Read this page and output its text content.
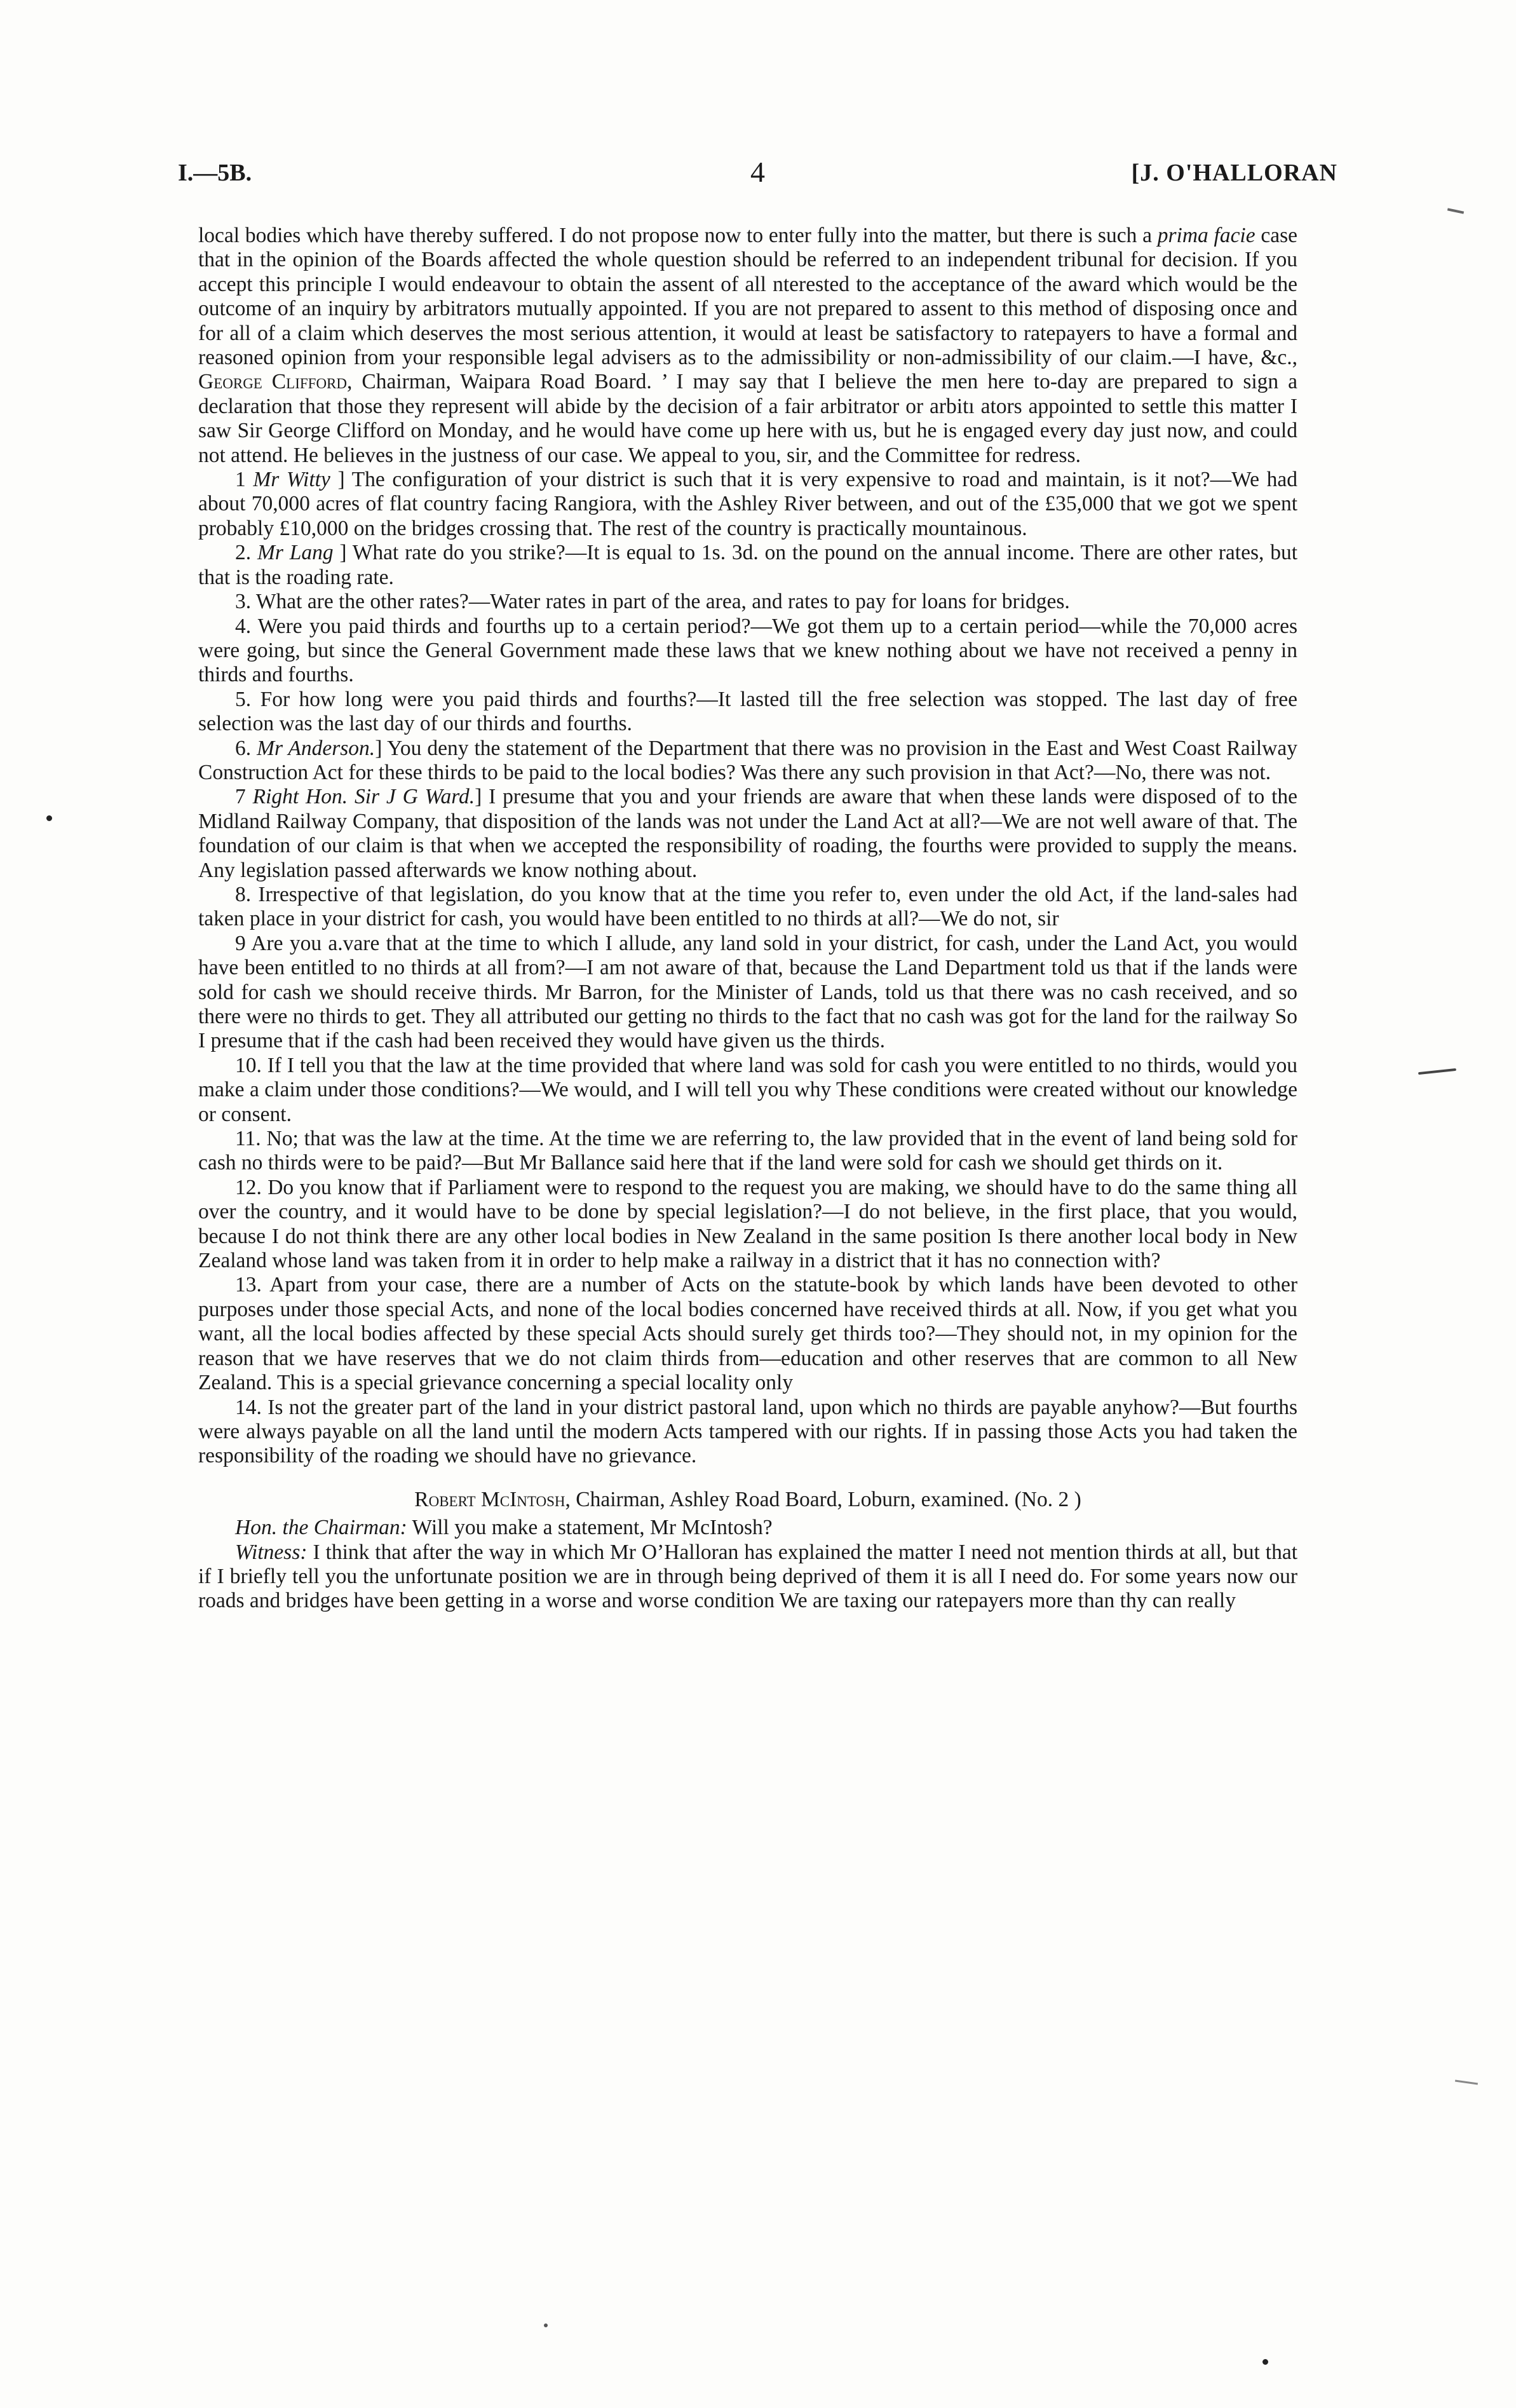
I.—5B.	4	[J. O'HALLORAN

local bodies which have thereby suffered. I do not propose now to enter fully into the matter, but there is such a prima facie case that in the opinion of the Boards affected the whole question should be referred to an independent tribunal for decision. If you accept this principle I would endeavour to obtain the assent of all nterested to the acceptance of the award which would be the outcome of an inquiry by arbitrators mutually appointed. If you are not prepared to assent to this method of disposing once and for all of a claim which deserves the most serious attention, it would at least be satisfactory to ratepayers to have a formal and reasoned opinion from your responsible legal advisers as to the admissibility or non-admissibility of our claim.—I have, &c., George Clifford, Chairman, Waipara Road Board. ’ I may say that I believe the men here to-day are prepared to sign a declaration that those they represent will abide by the decision of a fair arbitrator or arbitı ators appointed to settle this matter I saw Sir George Clifford on Monday, and he would have come up here with us, but he is engaged every day just now, and could not attend. He believes in the justness of our case. We appeal to you, sir, and the Committee for redress.

1 Mr Witty ] The configuration of your district is such that it is very expensive to road and maintain, is it not?—We had about 70,000 acres of flat country facing Rangiora, with the Ashley River between, and out of the £35,000 that we got we spent probably £10,000 on the bridges crossing that. The rest of the country is practically mountainous.

2. Mr Lang ] What rate do you strike?—It is equal to 1s. 3d. on the pound on the annual income. There are other rates, but that is the roading rate.

3. What are the other rates?—Water rates in part of the area, and rates to pay for loans for bridges.

4. Were you paid thirds and fourths up to a certain period?—We got them up to a certain period—while the 70,000 acres were going, but since the General Government made these laws that we knew nothing about we have not received a penny in thirds and fourths.

5. For how long were you paid thirds and fourths?—It lasted till the free selection was stopped. The last day of free selection was the last day of our thirds and fourths.

6. Mr Anderson.] You deny the statement of the Department that there was no provision in the East and West Coast Railway Construction Act for these thirds to be paid to the local bodies? Was there any such provision in that Act?—No, there was not.

7 Right Hon. Sir J G Ward.] I presume that you and your friends are aware that when these lands were disposed of to the Midland Railway Company, that disposition of the lands was not under the Land Act at all?—We are not well aware of that. The foundation of our claim is that when we accepted the responsibility of roading, the fourths were provided to supply the means. Any legislation passed afterwards we know nothing about.

8. Irrespective of that legislation, do you know that at the time you refer to, even under the old Act, if the land-sales had taken place in your district for cash, you would have been entitled to no thirds at all?—We do not, sir

9 Are you a.vare that at the time to which I allude, any land sold in your district, for cash, under the Land Act, you would have been entitled to no thirds at all from?—I am not aware of that, because the Land Department told us that if the lands were sold for cash we should receive thirds. Mr Barron, for the Minister of Lands, told us that there was no cash received, and so there were no thirds to get. They all attributed our getting no thirds to the fact that no cash was got for the land for the railway So I presume that if the cash had been received they would have given us the thirds.

10. If I tell you that the law at the time provided that where land was sold for cash you were entitled to no thirds, would you make a claim under those conditions?—We would, and I will tell you why These conditions were created without our knowledge or consent.

11. No; that was the law at the time. At the time we are referring to, the law provided that in the event of land being sold for cash no thirds were to be paid?—But Mr Ballance said here that if the land were sold for cash we should get thirds on it.

12. Do you know that if Parliament were to respond to the request you are making, we should have to do the same thing all over the country, and it would have to be done by special legislation?—I do not believe, in the first place, that you would, because I do not think there are any other local bodies in New Zealand in the same position Is there another local body in New Zealand whose land was taken from it in order to help make a railway in a district that it has no connection with?

13. Apart from your case, there are a number of Acts on the statute-book by which lands have been devoted to other purposes under those special Acts, and none of the local bodies concerned have received thirds at all. Now, if you get what you want, all the local bodies affected by these special Acts should surely get thirds too?—They should not, in my opinion for the reason that we have reserves that we do not claim thirds from—education and other reserves that are common to all New Zealand. This is a special grievance concerning a special locality only

14. Is not the greater part of the land in your district pastoral land, upon which no thirds are payable anyhow?—But fourths were always payable on all the land until the modern Acts tampered with our rights. If in passing those Acts you had taken the responsibility of the roading we should have no grievance.

Robert McIntosh, Chairman, Ashley Road Board, Loburn, examined. (No. 2 )

Hon. the Chairman: Will you make a statement, Mr McIntosh?

Witness: I think that after the way in which Mr O’Halloran has explained the matter I need not mention thirds at all, but that if I briefly tell you the unfortunate position we are in through being deprived of them it is all I need do. For some years now our roads and bridges have been getting in a worse and worse condition We are taxing our ratepayers more than thy can really
